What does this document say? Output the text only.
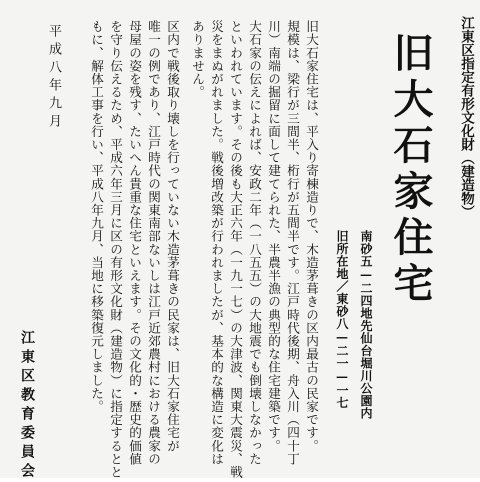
江東区指定有形文化財（建造物）
旧大石家住宅
南砂五—二四地先仙台堀川公園内
旧所在地／東砂八—二一—一七
旧大石家住宅は、平入り寄棟造りで、木造茅葺きの区内最古の民家です。
規模は、梁行が三間半、桁行が五間半です。江戸時代後期、舟入川（四十丁
川）南端の掘留に面して建てられた、半農半漁の典型的な住宅建築です。
大石家の伝えによれば、安政二年（一八五五）の大地震でも倒壊しなかった
といわれています。その後も大正六年（一九一七）の大津波、関東大震災、戦
災をまぬがれました。戦後増改築が行われましたが、基本的な構造に変化は
ありません。
区内で戦後取り壊しを行っていない木造茅葺きの民家は、旧大石家住宅が
唯一の例であり、江戸時代の関東南部ないしは江戸近郊農村における農家の
母屋の姿を残す、たいへん貴重な住宅といえます。その文化的・歴史的価値
を守り伝えるため、平成六年三月に区の有形文化財（建造物）に指定するとと
もに、解体工事を行い、平成八年九月、当地に移築復元しました。
平成八年九月
江東区教育委員会
